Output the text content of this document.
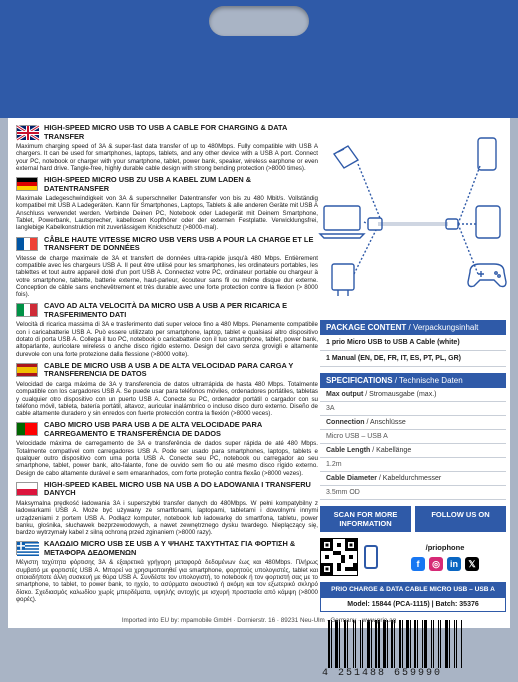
HIGH-SPEED MICRO USB TO USB A CABLE FOR CHARGING & DATA TRANSFER
Maximum charging speed of 3A & super-fast data transfer of up to 480Mbps. Fully compatible with USB A chargers. It can be used for smartphones, laptops, tablets, and any other device with a USB A port. Connect your PC, notebook or charger with your smartphone, tablet, power bank, speaker, wireless earphone or even external hard drive. Tangle-free, highly durable cable design with strong bending protection (>8000 times).
HIGH-SPEED MICRO USB ZU USB A KABEL ZUM LADEN & DATENTRANSFER
Maximale Ladegeschwindigkeit von 3A & superschneller Datentransfer von bis zu 480 Mbit/s. Vollständig kompatibel mit USB A Ladegeräten. Kann für Smartphones, Laptops, Tablets & alle anderen Geräte mit USB A Anschluss verwendet werden. Verbinde Deinen PC, Notebook oder Ladegerät mit Deinem Smartphone, Tablet, Powerbank, Lautsprecher, kabellosen Kopfhörer oder der externen Festplatte. Verwicklungsfrei, langlebige Kabelkonstruktion mit zuverlässigem Knickschutz (>8000-mal).
CÂBLE HAUTE VITESSE MICRO USB VERS USB A POUR LA CHARGE ET LE TRANSFERT DE DONNÉES
Vitesse de charge maximale de 3A et transfert de données ultra-rapide jusqu'à 480 Mbps. Entièrement compatible avec les chargeurs USB A. Il peut être utilisé pour les smartphones, les ordinateurs portables, les tablettes et tout autre appareil doté d'un port USB A. Connectez votre PC, ordinateur portable ou chargeur à votre smartphone, tablette, batterie externe, haut-parleur, écouteur sans fil ou même disque dur externe. Conception de câble sans enchevêtrement et très durable avec une forte protection contre la flexion (> 8000 fois).
CAVO AD ALTA VELOCITÀ DA MICRO USB A USB A PER RICARICA E TRASFERIMENTO DATI
Velocità di ricarica massima di 3A e trasferimento dati super veloce fino a 480 Mbps. Pienamente compatibile con i caricabatterie USB A. Può essere utilizzato per smartphone, laptop, tablet e qualsiasi altro dispositivo dotato di porta USB A. Collega il tuo PC, notebook o caricabatterie con il tuo smartphone, tablet, power bank, altoparlante, auricolare wireless o anche disco rigido esterno. Design del cavo senza grovigli e altamente durevole con una forte protezione dalla flessione (>8000 volte).
CABLE DE MICRO USB A USB A DE ALTA VELOCIDAD PARA CARGA Y TRANSFERENCIA DE DATOS
Velocidad de carga máxima de 3A y transferencia de datos ultrarrápida de hasta 480 Mbps. Totalmente compatible con los cargadores USB A. Se puede usar para teléfonos móviles, ordenadores portátiles, tabletas y cualquier otro dispositivo con un puerto USB A. Conecte su PC, ordenador portátil o cargador con su teléfono móvil, tableta, batería portátil, altavoz, auricular inalámbrico o incluso disco duro externo. Diseño de cable altamente duradero y sin enredos con fuerte protección contra la flexión (>8000 veces).
CABO MICRO USB PARA USB A DE ALTA VELOCIDADE PARA CARREGAMENTO E TRANSFERÊNCIA DE DADOS
Velocidade máxima de carregamento de 3A e transferência de dados super rápida de até 480 Mbps. Totalmente compatível com carregadores USB A. Pode ser usado para smartphones, laptops, tablets e qualquer outro dispositivo com uma porta USB A. Conecte seu PC, notebook ou carregador ao seu smartphone, tablet, power bank, alto-falante, fone de ouvido sem fio ou até mesmo disco rígido externo. Design de cabo altamente durável e sem emaranhados, com forte proteção contra flexão (>8000 vezes).
HIGH-SPEED KABEL MICRO USB NA USB A DO ŁADOWANIA I TRANSFERU DANYCH
Maksymalna prędkość ładowania 3A i superszybki transfer danych do 480Mbps. W pełni kompatybilny z ładowarkami USB A. Może być używany ze smartfonami, laptopami, tabletami i dowolnymi innymi urządzeniami z portem USB A. Podłącz komputer, notebook lub ładowarkę do smartfona, tabletu, power banku, głośnika, słuchawek bezprzewodowych, a nawet zewnętrznego dysku twardego. Nieplączący się, bardzo wytrzymały kabel z silną ochroną przed zginaniem (>8000 razy).
ΚΑΛΩΔΙΟ MICRO USB ΣΕ USB A Υ ΨΗΛΗΣ ΤΑΧΥΤΗΤΑΣ ΓΙΑ ΦΟΡΤΙΣΗ & ΜΕΤΑΦΟΡΑ ΔΕΔΟΜΕΝΩΝ
Μέγιστη ταχύτητα φόρτισης 3A & εξαιρετικά γρήγορη μεταφορά δεδομένων έως και 480Mbps. Πλήρως συμβατό με φορτιστές USB A. Μπορεί να χρησιμοποιηθεί για smartphone, φορητούς υπολογιστές, tablet και οποιαδήποτε άλλη συσκευή με θύρα USB A. Συνδέστε τον υπολογιστή, το notebook ή τον φορτιστή σας με το smartphone, το tablet, το power bank, το ηχείο, το ασύρματο ακουστικό ή ακόμη και τον εξωτερικό σκληρό δίσκο. Σχεδιασμός καλωδίου χωρίς μπερδέματα, υψηλής αντοχής με ισχυρή προστασία από κάμψη (>8000 φορές).
PACKAGE CONTENT / Verpackungsinhalt
1 prio Micro USB to USB A Cable (white)
1 Manual (EN, DE, FR, IT, ES, PT, PL, GR)
SPECIFICATIONS / Technische Daten
Max output / Stromausgabe (max.)
3A
Connection / Anschlüsse
Micro USB – USB A
Cable Length / Kabellänge
1.2m
Cable Diameter / Kabeldurchmesser
3.5mm OD
SCAN FOR MORE INFORMATION
FOLLOW US ON
/priophone
f	◎	in	𝕏
PRIO CHARGE & DATA CABLE MICRO USB – USB A
Model: 15844 (PCA-1115) | Batch: 35376
4 251488 659990
Imported into EU by: mpamobile GmbH · Dornierstr. 16 · 89231 Neu-Ulm · Germany · www.prio.ag
